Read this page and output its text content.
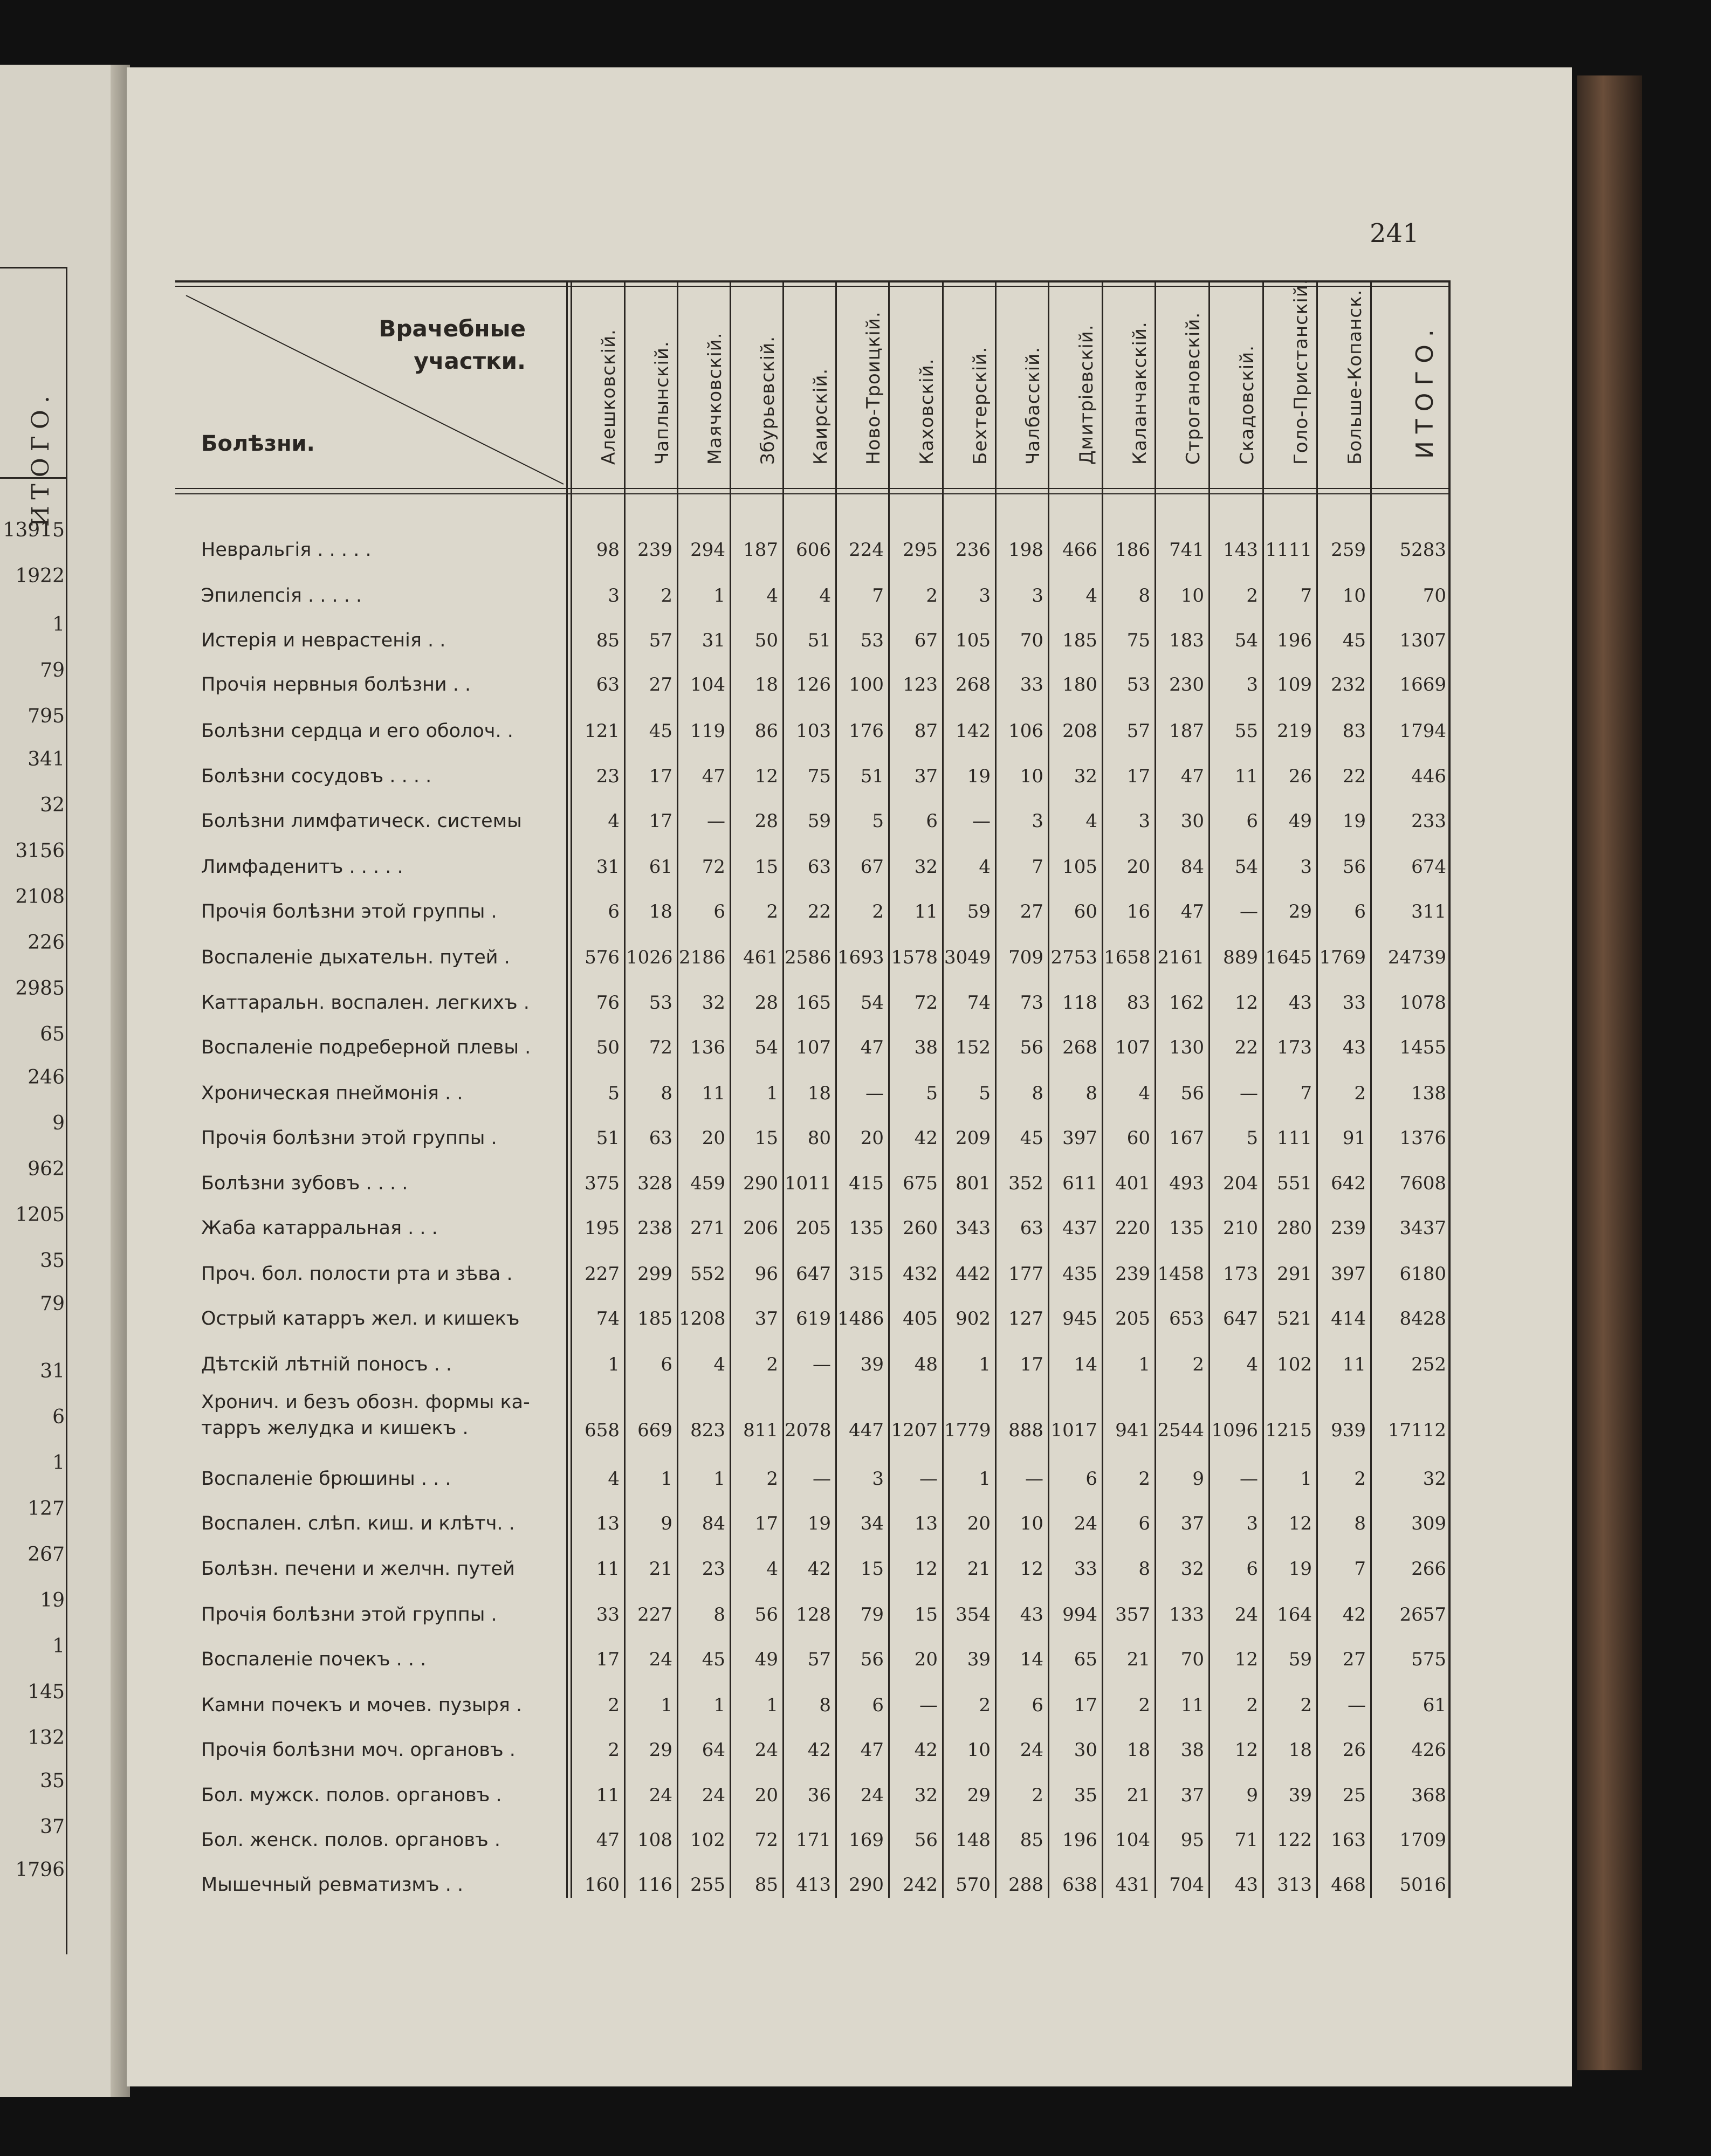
ИТОГО.
13915
1922
1
79
795
341
32
3156
2108
226
2985
65
246
9
962
1205
35
79
31
6
1
127
267
19
1
145
132
35
37
1796
241
Врачебные участки.
Болѣзни.	Алешковскій. Чаплынскій. Маячковскій. Збурьевскій. Каирскій. Ново-Троицкій. Каховскій. Бехтерскій. Чалбасскій. Дмитріевскій. Каланчакскій. Строгановскій. Скадовскій. Голо-Пристанскій. Больше-Копанск. ИТОГО.
Невральгія . . . . .	98 239 294 187 606 224	295 236 198	466 186	741	143 1111	259	5283
Эпилепсія . . . . .	3	2	1	4	4	7	2	3	3	4	8	10	2	7	10	70
Истерія и неврастенія . .	85	57	31	50	51	53	67 105	70	185	75	183	54	196	45	1307
Прочія нервныя болѣзни . .	63	27 104	18 126 100	123 268	33	180	53	230	3	109	232	1669
Болѣзни сердца и его оболоч. .	121	45 119	86 103 176	87 142 106	208	57	187	55	219	83	1794
Болѣзни сосудовъ . . . .	23	17	47	12	75	51	37	19	10	32	17	47	11	26	22	446
Болѣзни лимфатическ. системы	4	17	—	28	59	5	6	—	3	4	3	30	6	49	19	233
Лимфаденитъ . . . . .	31	61	72	15	63	67	32	4	7	105	20	84	54	3	56	674
Прочія болѣзни этой группы .	6	18	6	2	22	2	11	59	27	60	16	47	—	29	6	311
Воспаленіе дыхательн. путей .	576 1026 2186 461 2586 1693 1578 3049 709 2753 1658 2161	889 1645 1769	24739
Каттаральн. воспален. легкихъ .	76	53	32	28 165	54	72	74	73	118	83	162	12	43	33	1078
Воспаленіе подреберной плевы .	50	72 136	54 107	47	38 152	56	268 107	130	22	173	43	1455
Хроническая пнеймонія . .	5	8	11	1	18	—	5	5	8	8	4	56	—	7	2	138
Прочія болѣзни этой группы .	51	63	20	15	80	20	42 209	45	397	60	167	5	111	91	1376
Болѣзни зубовъ . . . .	375 328 459 290 1011 415	675 801 352	611 401	493	204	551	642	7608
Жаба катарральная . . .	195 238 271 206 205 135	260 343	63	437 220	135	210	280	239	3437
Проч. бол. полости рта и зѣва .	227 299 552	96 647 315	432 442 177	435 239 1458	173	291	397	6180
Острый катарръ жел. и кишекъ	74 185 1208	37 619 1486	405 902 127	945 205	653	647	521	414	8428
Дѣтскій лѣтній поносъ . .	1	6	4	2	—	39	48	1	17	14	1	2	4	102	11	252
Хронич. и безъ обозн. формы ка-
тарръ желудка и кишекъ .	658 669 823 811 2078 447 1207 1779 888 1017 941 2544 1096 1215	939	17112
Воспаленіе брюшины . . .	4	1	1	2	—	3	—	1	—	6	2	9	—	1	2	32
Воспален. слѣп. киш. и клѣтч. .	13	9	84	17	19	34	13	20	10	24	6	37	3	12	8	309
Болѣзн. печени и желчн. путей	11	21	23	4	42	15	12	21	12	33	8	32	6	19	7	266
Прочія болѣзни этой группы .	33 227	8	56 128	79	15 354	43	994 357	133	24	164	42	2657
Воспаленіе почекъ . . .	17	24	45	49	57	56	20	39	14	65	21	70	12	59	27	575
Камни почекъ и мочев. пузыря .	2	1	1	1	8	6	—	2	6	17	2	11	2	2	—	61
Прочія болѣзни моч. органовъ .	2	29	64	24	42	47	42	10	24	30	18	38	12	18	26	426
Бол. мужск. полов. органовъ .	11	24	24	20	36	24	32	29	2	35	21	37	9	39	25	368
Бол. женск. полов. органовъ .	47 108 102	72 171 169	56 148	85	196 104	95	71	122	163	1709
Мышечный ревматизмъ . .	160 116 255	85 413 290	242 570 288	638 431	704	43	313	468	5016
